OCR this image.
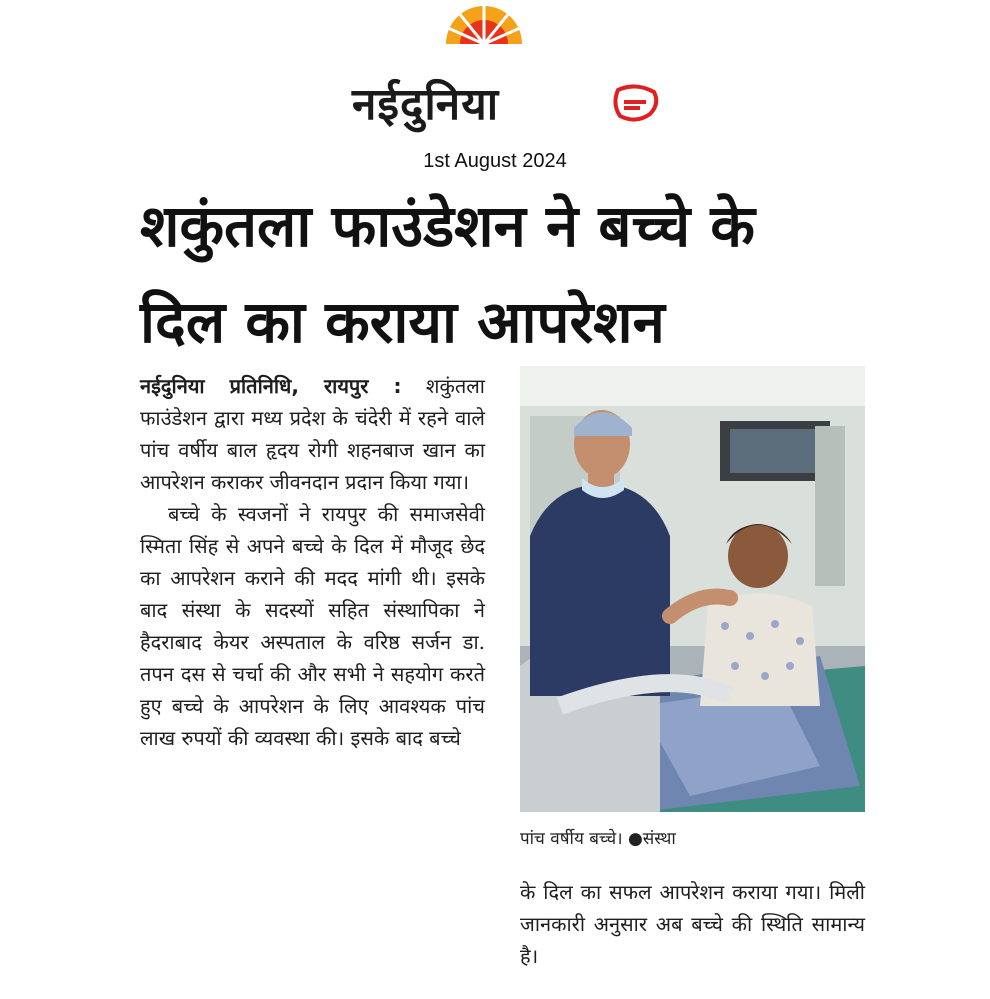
नईदुनिया
1st August 2024
शकुंतला फाउंडेशन ने बच्चे के
दिल का कराया आपरेशन

नईदुनिया प्रतिनिधि, रायपुर : शकुंतला फाउंडेशन द्वारा मध्य प्रदेश के चंदेरी में रहने वाले पांच वर्षीय बाल हृदय रोगी शहनबाज खान का आपरेशन कराकर जीवनदान प्रदान किया गया।

बच्चे के स्वजनों ने रायपुर की समाजसेवी स्मिता सिंह से अपने बच्चे के दिल में मौजूद छेद का आपरेशन कराने की मदद मांगी थी। इसके बाद संस्था के सदस्यों सहित संस्थापिका ने हैदराबाद केयर अस्पताल के वरिष्ठ सर्जन डा. तपन दस से चर्चा की और सभी ने सहयोग करते हुए बच्चे के आपरेशन के लिए आवश्यक पांच लाख रुपयों की व्यवस्था की। इसके बाद बच्चे

पांच वर्षीय बच्चे। ●संस्था

के दिल का सफल आपरेशन कराया गया। मिली जानकारी अनुसार अब बच्चे की स्थिति सामान्य है।
